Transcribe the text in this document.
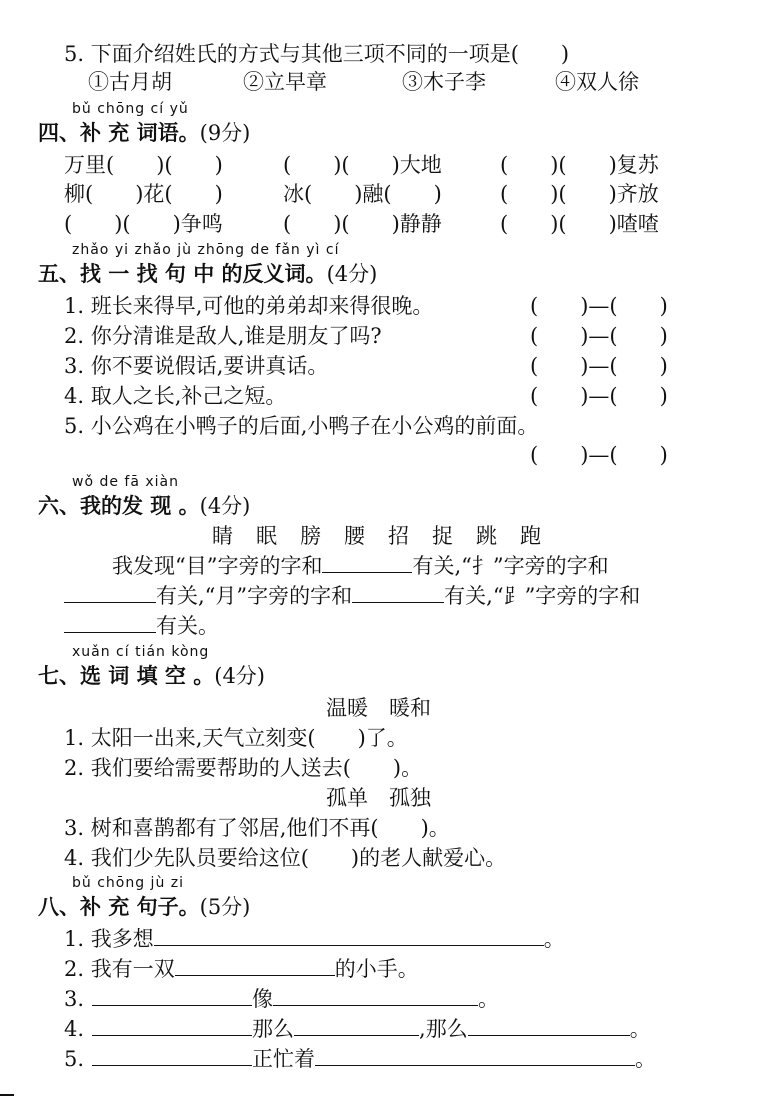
5. 下面介绍姓氏的方式与其他三项不同的一项是(　　)
①古月胡	②立早章	③木子李	④双人徐
bǔ chōng cí yǔ
四、补 充 词语。(9分)
万里(　　)(　　)	(　　)(　　)大地	(　　)(　　)复苏
柳(　　)花(　　)	冰(　　)融(　　)	(　　)(　　)齐放
(　　)(　　)争鸣	(　　)(　　)静静	(　　)(　　)喳喳
zhǎo yi zhǎo jù zhōng de fǎn yì cí
五、找 一 找 句 中 的反义词。(4分)
1. 班长来得早,可他的弟弟却来得很晚。	(　　)—(　　)
2. 你分清谁是敌人,谁是朋友了吗?	(　　)—(　　)
3. 你不要说假话,要讲真话。	(　　)—(　　)
4. 取人之长,补己之短。	(　　)—(　　)
5. 小公鸡在小鸭子的后面,小鸭子在小公鸡的前面。
(　　)—(　　)
wǒ de fā xiàn
六、我的发 现 。(4分)
睛眠膀腰招捉跳跑
我发现“目”字旁的字和	有关,“扌”字旁的字和
有关,“月”字旁的字和	有关,“⻊”字旁的字和
有关。
xuǎn cí tián kòng
七、选 词 填 空 。(4分)
温暖　暖和
1. 太阳一出来,天气立刻变(　　)了。
2. 我们要给需要帮助的人送去(　　)。
孤单　孤独
3. 树和喜鹊都有了邻居,他们不再(　　)。
4. 我们少先队员要给这位(　　)的老人献爱心。
bǔ chōng jù zi
八、补 充 句子。(5分)
1. 我多想	。
2. 我有一双	的小手。
3.	像	。
4.	那么	,那么	。
5.	正忙着	。
